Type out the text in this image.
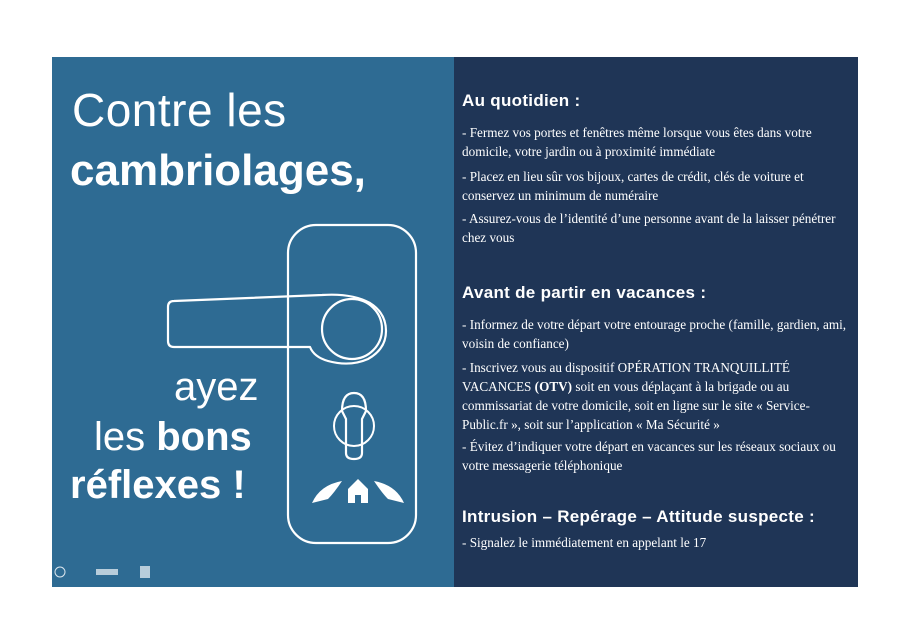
Contre les
cambriolages,
ayez
les bons
réflexes !
Au quotidien :
- Fermez vos portes et fenêtres même lorsque vous êtes dans votre domicile, votre jardin ou à proximité immédiate
- Placez en lieu sûr vos bijoux, cartes de crédit, clés de voiture et conservez un minimum de numéraire
- Assurez-vous de l’identité d’une personne avant de la laisser pénétrer chez vous
Avant de partir en vacances :
- Informez de votre départ votre entourage proche (famille, gardien, ami, voisin de confiance)
- Inscrivez vous au dispositif OPÉRATION TRANQUILLITÉ VACANCES (OTV) soit en vous déplaçant à la brigade ou au commissariat de votre domicile, soit en ligne sur le site « Service-Public.fr », soit sur l’application « Ma Sécurité »
- Évitez d’indiquer votre départ en vacances sur les réseaux sociaux ou votre messagerie téléphonique
Intrusion – Repérage – Attitude suspecte :
- Signalez le immédiatement en appelant le 17
